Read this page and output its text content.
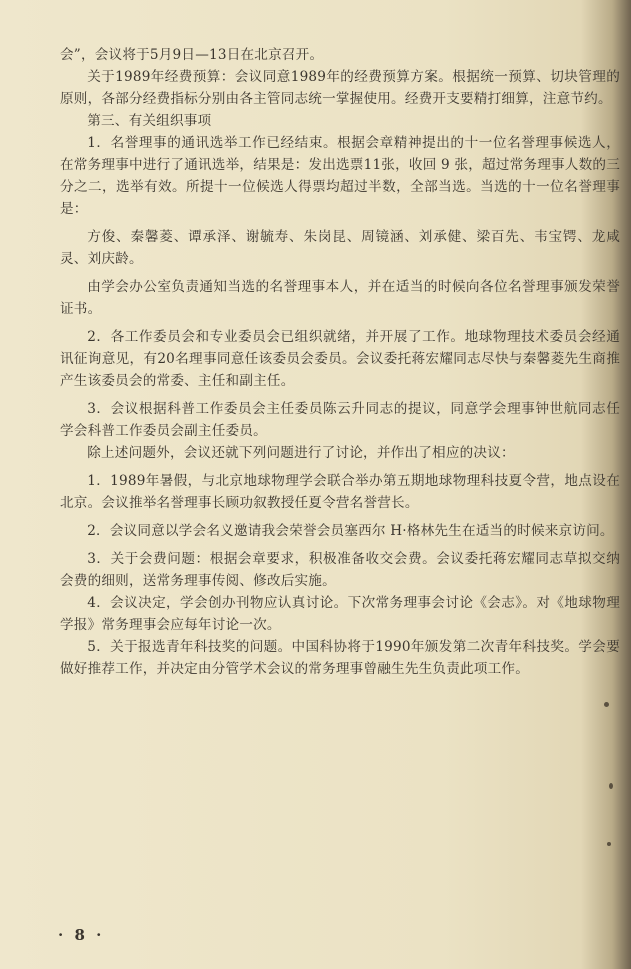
会”，会议将于5月9日—13日在北京召开。

关于1989年经费预算：会议同意1989年的经费预算方案。根据统一预算、切块管理的原则，各部分经费指标分别由各主管同志统一掌握使用。经费开支要精打细算，注意节约。

第三、有关组织事项

1．名誉理事的通讯选举工作已经结束。根据会章精神提出的十一位名誉理事候选人，在常务理事中进行了通讯选举，结果是：发出选票11张，收回 9 张，超过常务理事人数的三分之二，选举有效。所提十一位候选人得票均超过半数，全部当选。当选的十一位名誉理事是：

方俊、秦馨菱、谭承泽、谢毓寿、朱岗昆、周镜涵、刘承健、梁百先、韦宝锷、龙咸灵、刘庆龄。

由学会办公室负责通知当选的名誉理事本人，并在适当的时候向各位名誉理事颁发荣誉证书。

2．各工作委员会和专业委员会已组织就绪，并开展了工作。地球物理技术委员会经通讯征询意见，有20名理事同意任该委员会委员。会议委托蒋宏耀同志尽快与秦馨菱先生商推产生该委员会的常委、主任和副主任。

3．会议根据科普工作委员会主任委员陈云升同志的提议，同意学会理事钟世航同志任学会科普工作委员会副主任委员。

除上述问题外，会议还就下列问题进行了讨论，并作出了相应的决议：

1．1989年暑假，与北京地球物理学会联合举办第五期地球物理科技夏令营，地点设在北京。会议推举名誉理事长顾功叙教授任夏令营名誉营长。

2．会议同意以学会名义邀请我会荣誉会员塞西尔 H·格林先生在适当的时候来京访问。

3．关于会费问题：根据会章要求，积极准备收交会费。会议委托蒋宏耀同志草拟交纳会费的细则，送常务理事传阅、修改后实施。

4．会议决定，学会创办刊物应认真讨论。下次常务理事会讨论《会志》。对《地球物理学报》常务理事会应每年讨论一次。

5．关于报选青年科技奖的问题。中国科协将于1990年颁发第二次青年科技奖。学会要做好推荐工作，并决定由分管学术会议的常务理事曾融生先生负责此项工作。

· 8 ·
